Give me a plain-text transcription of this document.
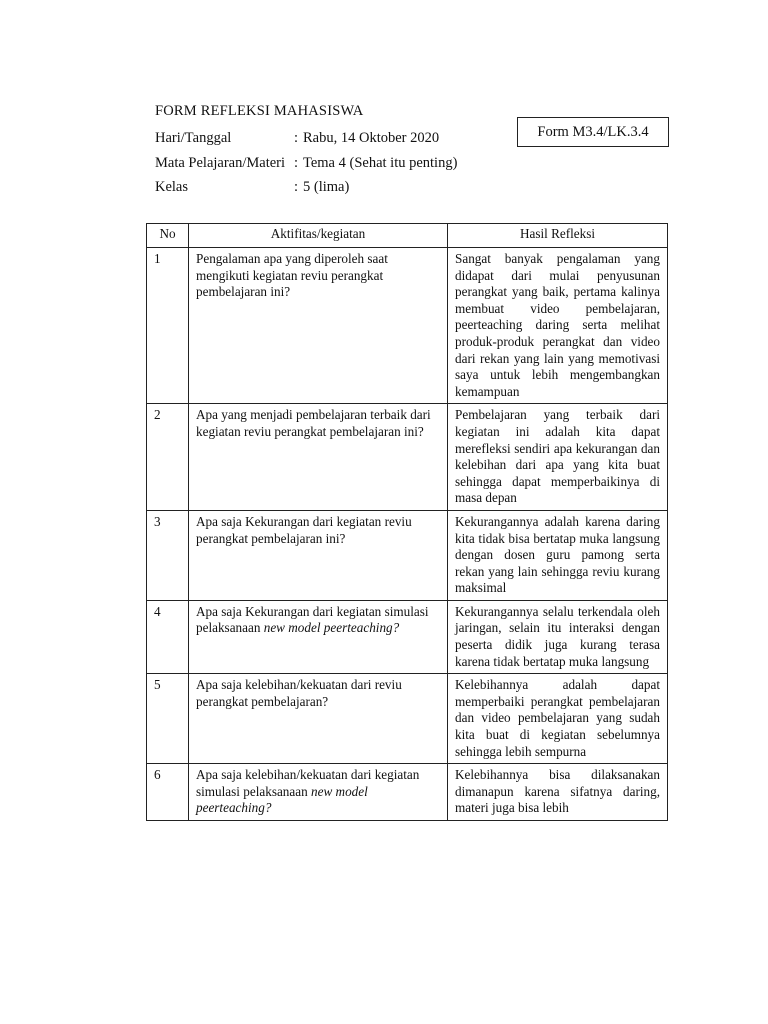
FORM REFLEKSI MAHASISWA
Hari/Tanggal	: Rabu, 14 Oktober 2020
Mata Pelajaran/Materi : Tema 4 (Sehat itu penting)
Kelas	: 5 (lima)
Form M3.4/LK.3.4
No	Aktifitas/kegiatan	Hasil Refleksi
1	Pengalaman apa yang diperoleh saat mengikuti kegiatan reviu perangkat pembelajaran ini?	Sangat banyak pengalaman yang didapat dari mulai penyusunan perangkat yang baik, pertama kalinya membuat video pembelajaran, peerteaching daring serta melihat produk-produk perangkat dan video dari rekan yang lain yang memotivasi saya untuk lebih mengembangkan kemampuan
2	Apa yang menjadi pembelajaran terbaik dari kegiatan reviu perangkat pembelajaran ini?	Pembelajaran yang terbaik dari kegiatan ini adalah kita dapat merefleksi sendiri apa kekurangan dan kelebihan dari apa yang kita buat sehingga dapat memperbaikinya di masa depan
3	Apa saja Kekurangan dari kegiatan reviu perangkat pembelajaran ini?	Kekurangannya adalah karena daring kita tidak bisa bertatap muka langsung dengan dosen guru pamong serta rekan yang lain sehingga reviu kurang maksimal
4	Apa saja Kekurangan dari kegiatan simulasi pelaksanaan new model peerteaching?	Kekurangannya selalu terkendala oleh jaringan, selain itu interaksi dengan peserta didik juga kurang terasa karena tidak bertatap muka langsung
5	Apa saja kelebihan/kekuatan dari reviu perangkat pembelajaran?	Kelebihannya adalah dapat memperbaiki perangkat pembelajaran dan video pembelajaran yang sudah kita buat di kegiatan sebelumnya sehingga lebih sempurna
6	Apa saja kelebihan/kekuatan dari kegiatan simulasi pelaksanaan new model peerteaching?	Kelebihannya bisa dilaksanakan dimanapun karena sifatnya daring, materi juga bisa lebih
